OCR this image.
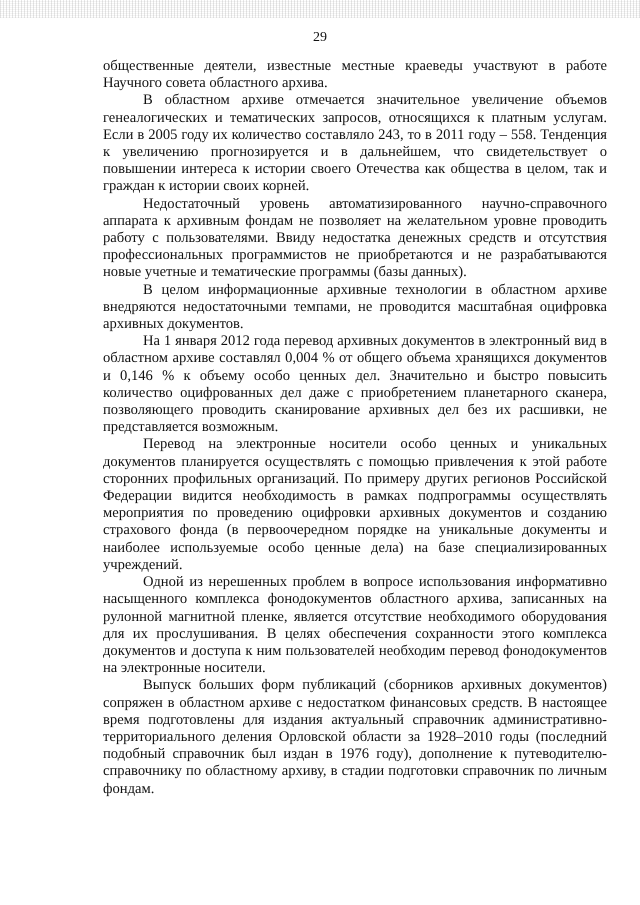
29

общественные деятели, известные местные краеведы участвуют в работе Научного совета областного архива.

В областном архиве отмечается значительное увеличение объемов генеалогических и тематических запросов, относящихся к платным услугам. Если в 2005 году их количество составляло 243, то в 2011 году – 558. Тенденция к увеличению прогнозируется и в дальнейшем, что свидетельствует о повышении интереса к истории своего Отечества как общества в целом, так и граждан к истории своих корней.

Недостаточный уровень автоматизированного научно-справочного аппарата к архивным фондам не позволяет на желательном уровне проводить работу с пользователями. Ввиду недостатка денежных средств и отсутствия профессиональных программистов не приобретаются и не разрабатываются новые учетные и тематические программы (базы данных).

В целом информационные архивные технологии в областном архиве внедряются недостаточными темпами, не проводится масштабная оцифровка архивных документов.

На 1 января 2012 года перевод архивных документов в электронный вид в областном архиве составлял 0,004 % от общего объема хранящихся документов и 0,146 % к объему особо ценных дел. Значительно и быстро повысить количество оцифрованных дел даже с приобретением планетарного сканера, позволяющего проводить сканирование архивных дел без их расшивки, не представляется возможным.

Перевод на электронные носители особо ценных и уникальных документов планируется осуществлять с помощью привлечения к этой работе сторонних профильных организаций. По примеру других регионов Российской Федерации видится необходимость в рамках подпрограммы осуществлять мероприятия по проведению оцифровки архивных документов и созданию страхового фонда (в первоочередном порядке на уникальные документы и наиболее используемые особо ценные дела) на базе специализированных учреждений.

Одной из нерешенных проблем в вопросе использования информативно насыщенного комплекса фонодокументов областного архива, записанных на рулонной магнитной пленке, является отсутствие необходимого оборудования для их прослушивания. В целях обеспечения сохранности этого комплекса документов и доступа к ним пользователей необходим перевод фонодокументов на электронные носители.

Выпуск больших форм публикаций (сборников архивных документов) сопряжен в областном архиве с недостатком финансовых средств. В настоящее время подготовлены для издания актуальный справочник административно-территориального деления Орловской области за 1928–2010 годы (последний подобный справочник был издан в 1976 году), дополнение к путеводителю-справочнику по областному архиву, в стадии подготовки справочник по личным фондам.
